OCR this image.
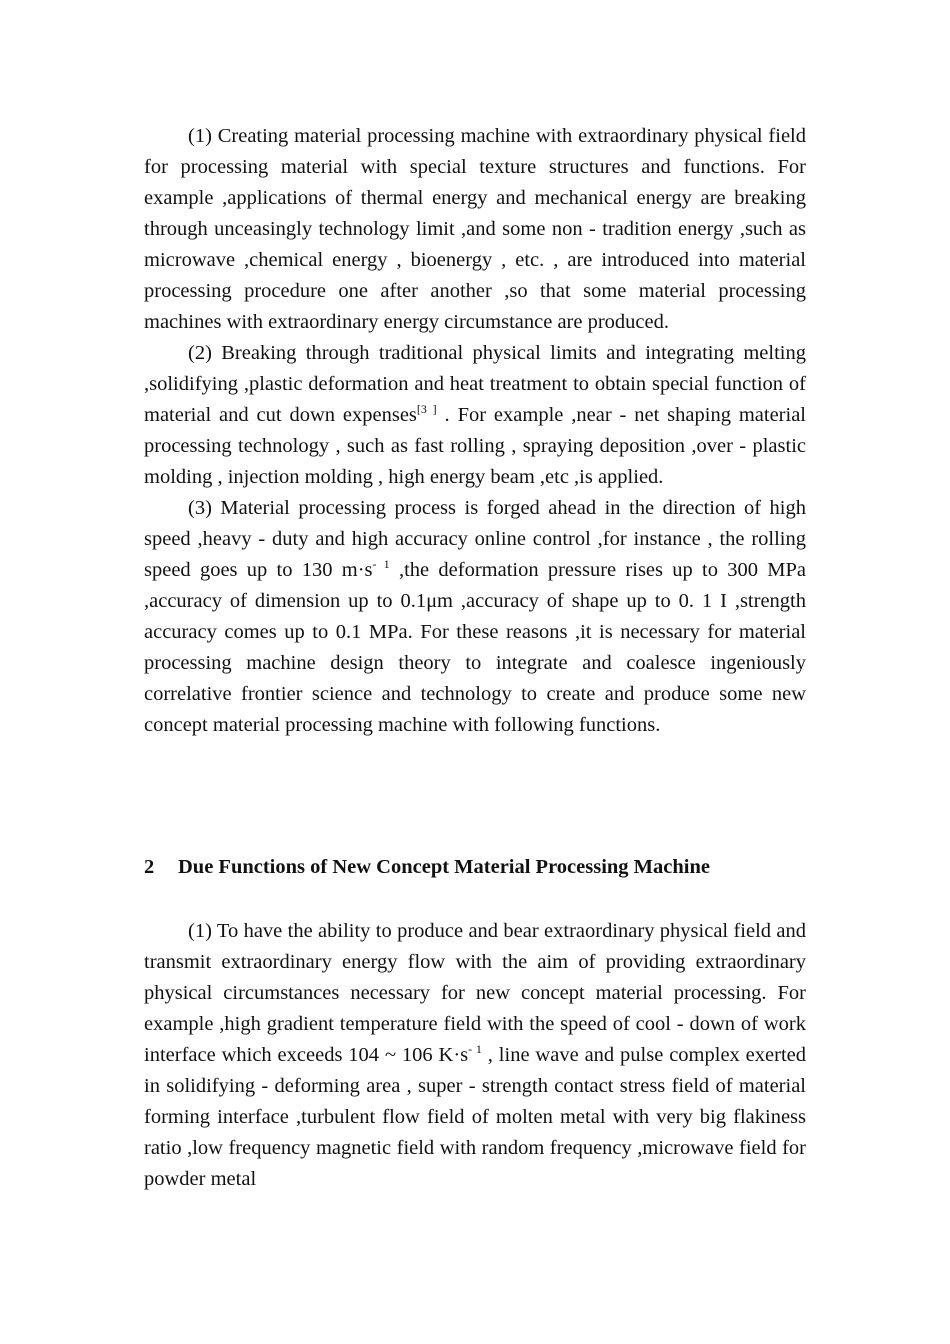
(1) Creating material processing machine with extraordinary physical field for processing material with special texture structures and functions. For example ,applications of thermal energy and mechanical energy are breaking through unceasingly technology limit ,and some non - tradition energy ,such as microwave ,chemical energy , bioenergy , etc. , are introduced into material processing procedure one after another ,so that some material processing machines with extraordinary energy circumstance are produced.

(2) Breaking through traditional physical limits and integrating melting ,solidifying ,plastic deformation and heat treatment to obtain special function of material and cut down expenses[3 ] . For example ,near - net shaping material processing technology , such as fast rolling , spraying deposition ,over - plastic molding , injection molding , high energy beam ,etc ,is applied.

(3) Material processing process is forged ahead in the direction of high speed ,heavy - duty and high accuracy online control ,for instance , the rolling speed goes up to 130 $m\cdot s^{- 1}$ ,the deformation pressure rises up to 300 MPa ,accuracy of dimension up to 0.1μm ,accuracy of shape up to 0. 1 I ,strength accuracy comes up to 0.1 MPa. For these reasons ,it is necessary for material processing machine design theory to integrate and coalesce ingeniously correlative frontier science and technology to create and produce some new concept material processing machine with following functions.

2 Due Functions of New Concept Material Processing Machine

(1) To have the ability to produce and bear extraordinary physical field and transmit extraordinary energy flow with the aim of providing extraordinary physical circumstances necessary for new concept material processing. For example ,high gradient temperature field with the speed of cool - down of work interface which exceeds 104 ~ 106 $K\cdot s^{- 1}$ , line wave and pulse complex exerted in solidifying - deforming area , super - strength contact stress field of material forming interface ,turbulent flow field of molten metal with very big flakiness ratio ,low frequency magnetic field with random frequency ,microwave field for powder metal
